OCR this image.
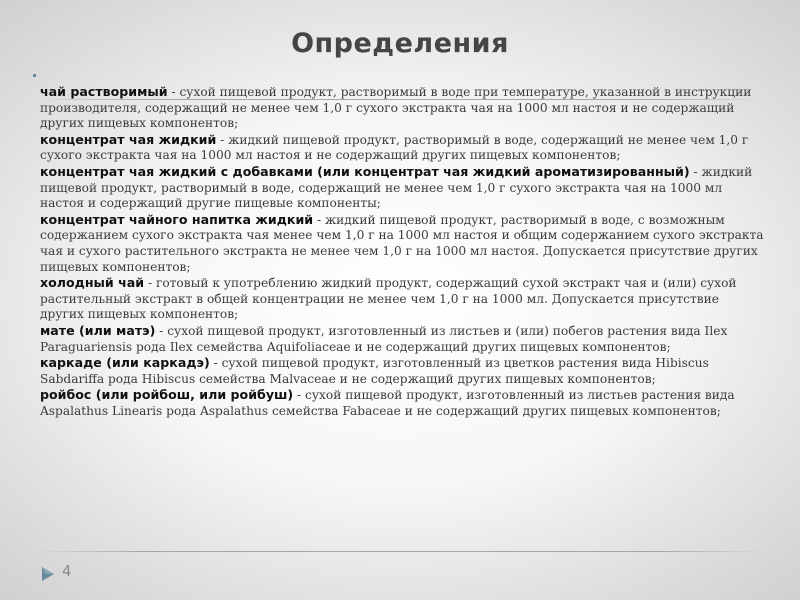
Определения

чай растворимый - сухой пищевой продукт, растворимый в воде при температуре, указанной в инструкции производителя, содержащий не менее чем 1,0 г сухого экстракта чая на 1000 мл настоя и не содержащий других пищевых компонентов;

концентрат чая жидкий - жидкий пищевой продукт, растворимый в воде, содержащий не менее чем 1,0 г сухого экстракта чая на 1000 мл настоя и не содержащий других пищевых компонентов;

концентрат чая жидкий с добавками (или концентрат чая жидкий ароматизированный) - жидкий пищевой продукт, растворимый в воде, содержащий не менее чем 1,0 г сухого экстракта чая на 1000 мл настоя и содержащий другие пищевые компоненты;

концентрат чайного напитка жидкий - жидкий пищевой продукт, растворимый в воде, с возможным содержанием сухого экстракта чая менее чем 1,0 г на 1000 мл настоя и общим содержанием сухого экстракта чая и сухого растительного экстракта не менее чем 1,0 г на 1000 мл настоя. Допускается присутствие других пищевых компонентов;

холодный чай - готовый к употреблению жидкий продукт, содержащий сухой экстракт чая и (или) сухой растительный экстракт в общей концентрации не менее чем 1,0 г на 1000 мл. Допускается присутствие других пищевых компонентов;

мате (или матэ) - сухой пищевой продукт, изготовленный из листьев и (или) побегов растения вида Ilex Paraguariensis рода Ilex семейства Aquifoliaceae и не содержащий других пищевых компонентов;

каркаде (или каркадэ) - сухой пищевой продукт, изготовленный из цветков растения вида Hibiscus Sabdariffa рода Hibiscus семейства Malvaceae и не содержащий других пищевых компонентов;

ройбос (или ройбош, или ройбуш) - сухой пищевой продукт, изготовленный из листьев растения вида Aspalathus Linearis рода Aspalathus семейства Fabaceae и не содержащий других пищевых компонентов;

4
